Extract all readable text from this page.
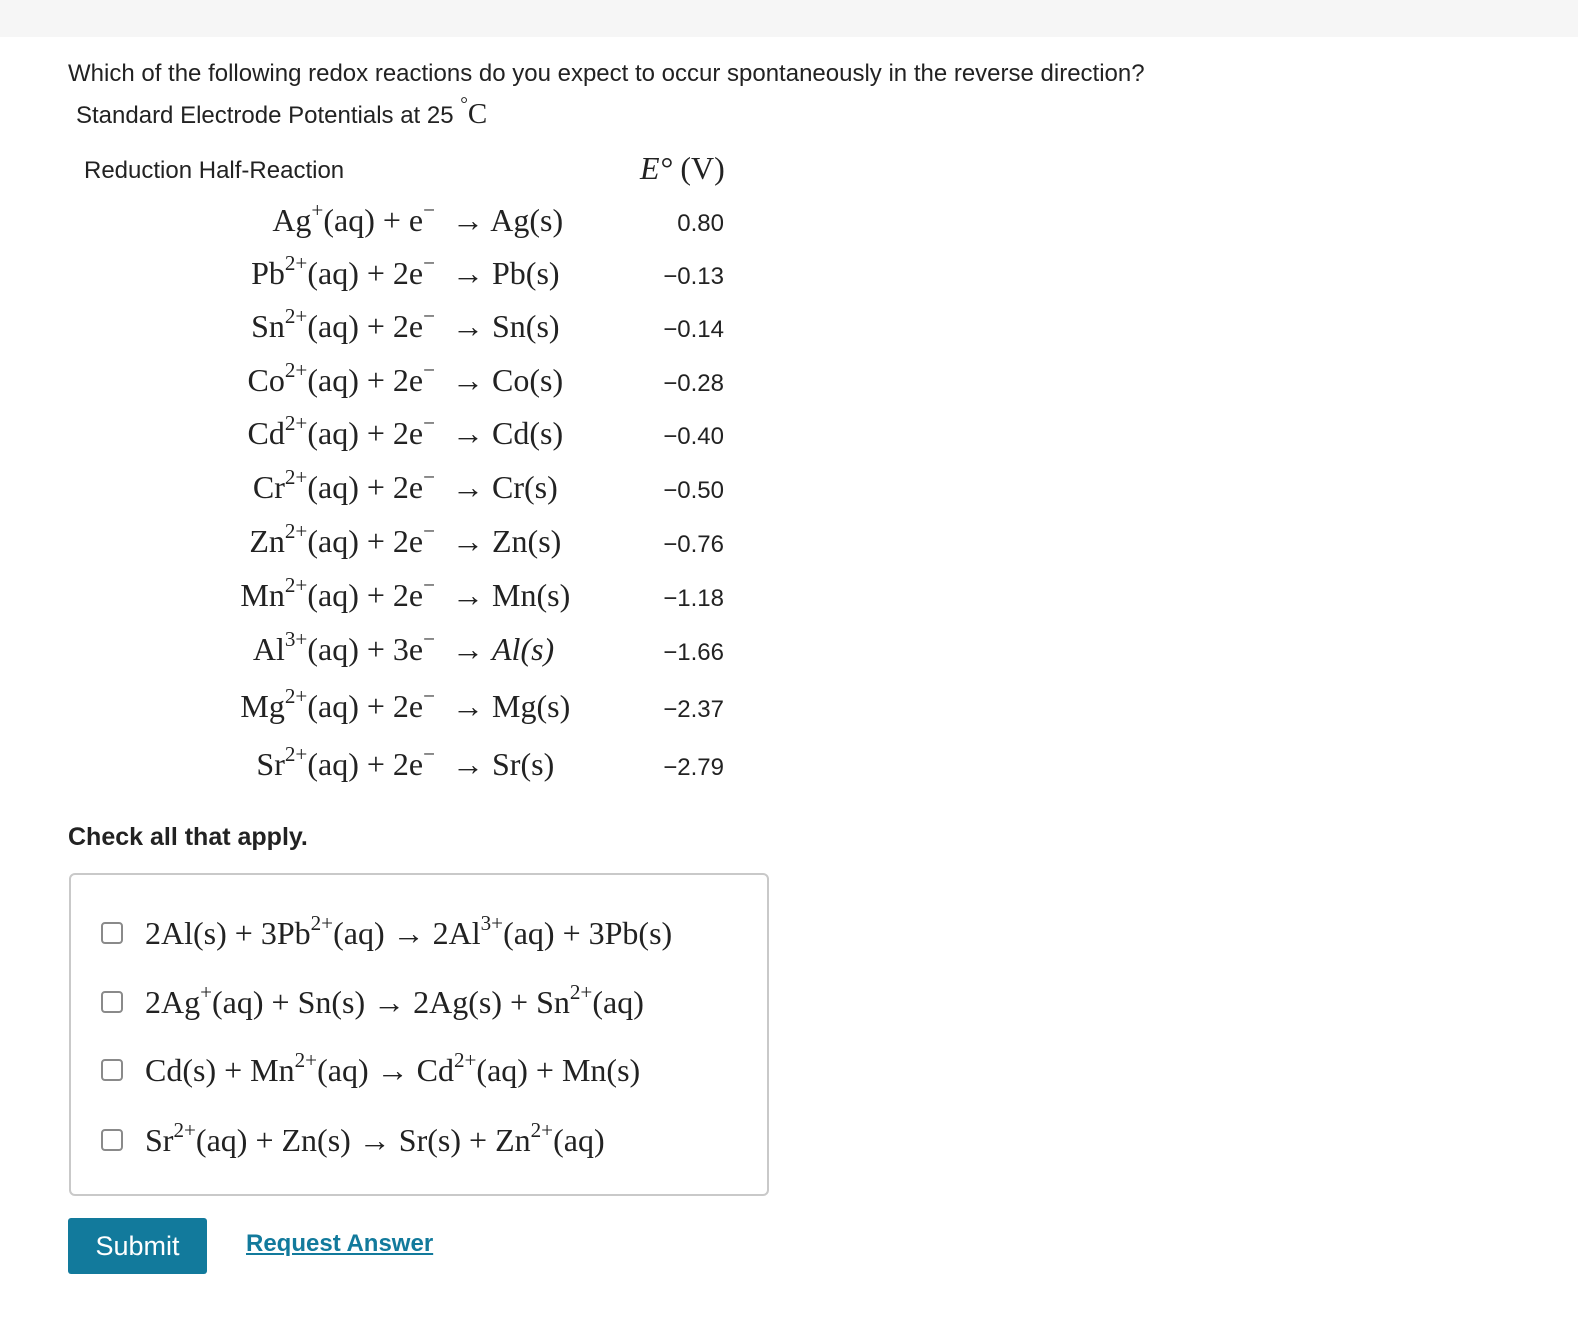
Which of the following redox reactions do you expect to occur spontaneously in the reverse direction?
Standard Electrode Potentials at 25 °C
Reduction Half-Reaction	E° (V)
Ag+(aq) + e− → Ag(s)	0.80
$Pb^{2+}(aq) + 2e^- \to Pb(s)$	−0.13
$Sn^{2+}(aq) + 2e^- \to Sn(s)$	−0.14
$Co^{2+}(aq) + 2e^- \to Co(s)$	−0.28
$Cd^{2+}(aq) + 2e^- \to Cd(s)$	−0.40
$Cr^{2+}(aq) + 2e^- \to Cr(s)$	−0.50
$Zn^{2+}(aq) + 2e^- \to Zn(s)$	−0.76
$Mn^{2+}(aq) + 2e^- \to Mn(s)$	−1.18
$Al^{3+}(aq) + 3e^- \to Al(s)$	−1.66
$Mg^{2+}(aq) + 2e^- \to Mg(s)$	−2.37
$Sr^{2+}(aq) + 2e^- \to Sr(s)$	−2.79
Check all that apply.
$2Al(s) + 3Pb^{2+}(aq) \to 2Al^{3+}(aq) + 3Pb(s)$
$2Ag^+(aq) + Sn(s) \to 2Ag(s) + Sn^{2+}(aq)$
$Cd(s) + Mn^{2+}(aq) \to Cd^{2+}(aq) + Mn(s)$
$Sr^{2+}(aq) + Zn(s) \to Sr(s) + Zn^{2+}(aq)$
Submit	Request Answer
